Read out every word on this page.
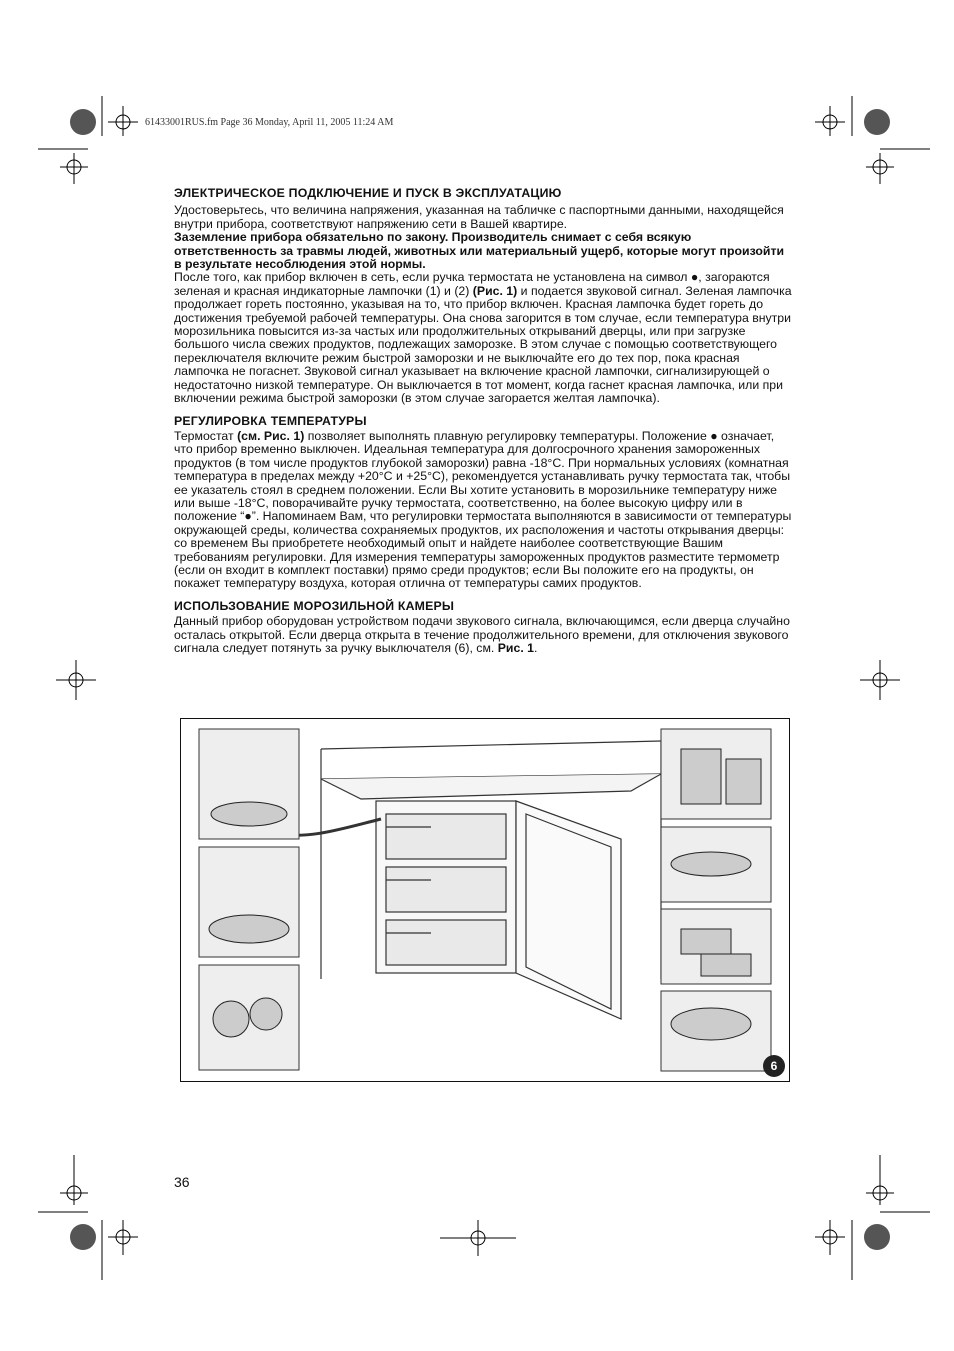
61433001RUS.fm Page 36 Monday, April 11, 2005 11:24 AM
ЭЛЕКТРИЧЕСКОЕ ПОДКЛЮЧЕНИЕ И ПУСК В ЭКСПЛУАТАЦИЮ

Удостоверьтесь, что величина напряжения, указанная на табличке с паспортными данными, находящейся внутри прибора, соответствуют напряжению сети в Вашей квартире.

Заземление прибора обязательно по закону. Производитель снимает с себя всякую ответственность за травмы людей, животных или материальный ущерб, которые могут произойти в результате несоблюдения этой нормы.

После того, как прибор включен в сеть, если ручка термостата не установлена на символ ●, загораются зеленая и красная индикаторные лампочки (1) и (2) (Рис. 1) и подается звуковой сигнал. Зеленая лампочка продолжает гореть постоянно, указывая на то, что прибор включен. Красная лампочка будет гореть до достижения требуемой рабочей температуры. Она снова загорится в том случае, если температура внутри морозильника повысится из-за частых или продолжительных открываний дверцы, или при загрузке большого числа свежих продуктов, подлежащих заморозке. В этом случае с помощью соответствующего переключателя включите режим быстрой заморозки и не выключайте его до тех пор, пока красная лампочка не погаснет. Звуковой сигнал указывает на включение красной лампочки, сигнализирующей о недостаточно низкой температуре. Он выключается в тот момент, когда гаснет красная лампочка, или при включении режима быстрой заморозки (в этом случае загорается желтая лампочка).

РЕГУЛИРОВКА ТЕМПЕРАТУРЫ

Термостат (см. Рис. 1) позволяет выполнять плавную регулировку температуры. Положение ● означает, что прибор временно выключен. Идеальная температура для долгосрочного хранения замороженных продуктов (в том числе продуктов глубокой заморозки) равна -18°C. При нормальных условиях (комнатная температура в пределах между +20°C и +25°C), рекомендуется устанавливать ручку термостата так, чтобы ее указатель стоял в среднем положении. Если Вы хотите установить в морозильнике температуру ниже или выше -18°C, поворачивайте ручку термостата, соответственно, на более высокую цифру или в положение “●”. Напоминаем Вам, что регулировки термостата выполняются в зависимости от температуры окружающей среды, количества сохраняемых продуктов, их расположения и частоты открывания дверцы: со временем Вы приобретете необходимый опыт и найдете наиболее соответствующие Вашим требованиям регулировки. Для измерения температуры замороженных продуктов разместите термометр (если он входит в комплект поставки) прямо среди продуктов; если Вы положите его на продукты, он покажет температуру воздуха, которая отлична от температуры самих продуктов.

ИСПОЛЬЗОВАНИЕ МОРОЗИЛЬНОЙ КАМЕРЫ

Данный прибор оборудован устройством подачи звукового сигнала, включающимся, если дверца случайно осталась открытой. Если дверца открыта в течение продолжительного времени, для отключения звукового сигнала следует потянуть за ручку выключателя (6), см. Рис. 1.

6
36
